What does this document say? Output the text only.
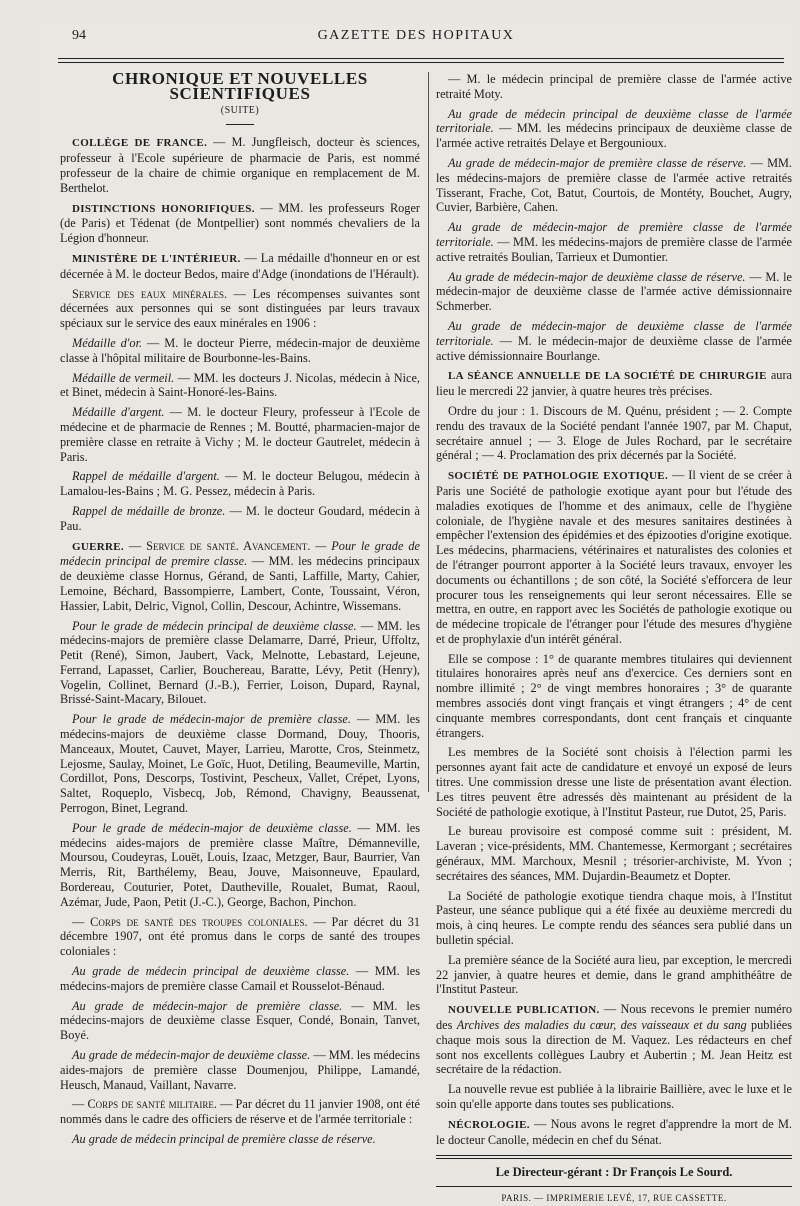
94	GAZETTE DES HOPITAUX
CHRONIQUE ET NOUVELLES SCIENTIFIQUES
(SUITE)

COLLÈGE DE FRANCE. — M. Jungfleisch, docteur ès sciences, professeur à l'Ecole supérieure de pharmacie de Paris, est nommé professeur de la chaire de chimie organique en remplacement de M. Berthelot.

DISTINCTIONS HONORIFIQUES. — MM. les professeurs Roger (de Paris) et Tédenat (de Montpellier) sont nommés chevaliers de la Légion d'honneur.

MINISTÈRE DE L'INTÉRIEUR. — La médaille d'honneur en or est décernée à M. le docteur Bedos, maire d'Adge (inondations de l'Hérault).

Service des eaux minérales. — Les récompenses suivantes sont décernées aux personnes qui se sont distinguées par leurs travaux spéciaux sur le service des eaux minérales en 1906 :

Médaille d'or. — M. le docteur Pierre, médecin-major de deuxième classe à l'hôpital militaire de Bourbonne-les-Bains.

Médaille de vermeil. — MM. les docteurs J. Nicolas, médecin à Nice, et Binet, médecin à Saint-Honoré-les-Bains.

Médaille d'argent. — M. le docteur Fleury, professeur à l'Ecole de médecine et de pharmacie de Rennes ; M. Boutté, pharmacien-major de première classe en retraite à Vichy ; M. le docteur Gautrelet, médecin à Paris.

Rappel de médaille d'argent. — M. le docteur Belugou, médecin à Lamalou-les-Bains ; M. G. Pessez, médecin à Paris.

Rappel de médaille de bronze. — M. le docteur Goudard, médecin à Pau.

GUERRE. — Service de santé. Avancement. — Pour le grade de médecin principal de premire classe. — MM. les médecins principaux de deuxième classe Hornus, Gérand, de Santi, Laffille, Marty, Cahier, Lemoine, Béchard, Bassompierre, Lambert, Conte, Toussaint, Véron, Hassier, Labit, Delric, Vignol, Collin, Descour, Achintre, Wissemans.

Pour le grade de médecin principal de deuxième classe. — MM. les médecins-majors de première classe Delamarre, Darré, Prieur, Uffoltz, Petit (René), Simon, Jaubert, Vack, Melnotte, Lebastard, Lejeune, Ferrand, Lapasset, Carlier, Bouchereau, Baratte, Lévy, Petit (Henry), Vogelin, Collinet, Bernard (J.-B.), Ferrier, Loison, Dupard, Raynal, Brissé-Saint-Macary, Bilouet.

Pour le grade de médecin-major de première classe. — MM. les médecins-majors de deuxième classe Dormand, Douy, Thooris, Manceaux, Moutet, Cauvet, Mayer, Larrieu, Marotte, Cros, Steinmetz, Lejosme, Saulay, Moinet, Le Goïc, Huot, Detiling, Beaumeville, Martin, Cordillot, Pons, Descorps, Tostivint, Pescheux, Vallet, Crépet, Lyons, Saltet, Roqueplo, Visbecq, Job, Rémond, Chavigny, Beaussenat, Perrogon, Binet, Legrand.

Pour le grade de médecin-major de deuxième classe. — MM. les médecins aides-majors de première classe Maître, Démanneville, Moursou, Coudeyras, Louët, Louis, Izaac, Metzger, Baur, Baurrier, Van Merris, Rit, Barthélemy, Beau, Jouve, Maisonneuve, Epaulard, Bordereau, Couturier, Potet, Dautheville, Roualet, Bumat, Raoul, Azémar, Jude, Paon, Petit (J.-C.), George, Bachon, Pinchon.

— Corps de santé des troupes coloniales. — Par décret du 31 décembre 1907, ont été promus dans le corps de santé des troupes coloniales :

Au grade de médecin principal de deuxième classe. — MM. les médecins-majors de première classe Camail et Rousselot-Bénaud.

Au grade de médecin-major de première classe. — MM. les médecins-majors de deuxième classe Esquer, Condé, Bonain, Tanvet, Boyé.

Au grade de médecin-major de deuxième classe. — MM. les médecins aides-majors de première classe Doumenjou, Philippe, Lamandé, Heusch, Manaud, Vaillant, Navarre.

— Corps de santé militaire. — Par décret du 11 janvier 1908, ont été nommés dans le cadre des officiers de réserve et de l'armée territoriale :

Au grade de médecin principal de première classe de réserve.

— M. le médecin principal de première classe de l'armée active retraité Moty.

Au grade de médecin principal de deuxième classe de l'armée territoriale. — MM. les médecins principaux de deuxième classe de l'armée active retraités Delaye et Bergounioux.

Au grade de médecin-major de première classe de réserve. — MM. les médecins-majors de première classe de l'armée active retraités Tisserant, Frache, Cot, Batut, Courtois, de Montéty, Bouchet, Augry, Cuvier, Barbière, Cahen.

Au grade de médecin-major de première classe de l'armée territoriale. — MM. les médecins-majors de première classe de l'armée active retraités Boulian, Tarrieux et Dumontier.

Au grade de médecin-major de deuxième classe de réserve. — M. le médecin-major de deuxième classe de l'armée active démissionnaire Schmerber.

Au grade de médecin-major de deuxième classe de l'armée territoriale. — M. le médecin-major de deuxième classe de l'armée active démissionnaire Bourlange.

LA SÉANCE ANNUELLE DE LA SOCIÉTÉ DE CHIRURGIE aura lieu le mercredi 22 janvier, à quatre heures très précises.

Ordre du jour : 1. Discours de M. Quénu, président ; — 2. Compte rendu des travaux de la Société pendant l'année 1907, par M. Chaput, secrétaire annuel ; — 3. Eloge de Jules Rochard, par le secrétaire général ; — 4. Proclamation des prix décernés par la Société.

SOCIÉTÉ DE PATHOLOGIE EXOTIQUE. — Il vient de se créer à Paris une Société de pathologie exotique ayant pour but l'étude des maladies exotiques de l'homme et des animaux, celle de l'hygiène coloniale, de l'hygiène navale et des mesures sanitaires destinées à empêcher l'extension des épidémies et des épizooties d'origine exotique. Les médecins, pharmaciens, vétérinaires et naturalistes des colonies et de l'étranger pourront apporter à la Société leurs travaux, envoyer les documents ou échantillons ; de son côté, la Société s'efforcera de leur procurer tous les renseignements qui leur seront nécessaires. Elle se mettra, en outre, en rapport avec les Sociétés de pathologie exotique ou de médecine tropicale de l'étranger pour l'étude des mesures d'hygiène et de prophylaxie d'un intérêt général.

Elle se compose : 1° de quarante membres titulaires qui deviennent titulaires honoraires après neuf ans d'exercice. Ces derniers sont en nombre illimité ; 2° de vingt membres honoraires ; 3° de quarante membres associés dont vingt français et vingt étrangers ; 4° de cent cinquante membres correspondants, dont cent français et cinquante étrangers.

Les membres de la Société sont choisis à l'élection parmi les personnes ayant fait acte de candidature et envoyé un exposé de leurs titres. Une commission dresse une liste de présentation avant élection. Les titres peuvent être adressés dès maintenant au président de la Société de pathologie exotique, à l'Institut Pasteur, rue Dutot, 25, Paris.

Le bureau provisoire est composé comme suit : président, M. Laveran ; vice-présidents, MM. Chantemesse, Kermorgant ; secrétaires généraux, MM. Marchoux, Mesnil ; trésorier-archiviste, M. Yvon ; secrétaires des séances, MM. Dujardin-Beaumetz et Dopter.

La Société de pathologie exotique tiendra chaque mois, à l'Institut Pasteur, une séance publique qui a été fixée au deuxième mercredi du mois, à cinq heures. Le compte rendu des séances sera publié dans un bulletin spécial.

La première séance de la Société aura lieu, par exception, le mercredi 22 janvier, à quatre heures et demie, dans le grand amphithéâtre de l'Institut Pasteur.

NOUVELLE PUBLICATION. — Nous recevons le premier numéro des Archives des maladies du cœur, des vaisseaux et du sang publiées chaque mois sous la direction de M. Vaquez. Les rédacteurs en chef sont nos excellents collègues Laubry et Aubertin ; M. Jean Heitz est secrétaire de la rédaction.

La nouvelle revue est publiée à la librairie Baillière, avec le luxe et le soin qu'elle apporte dans toutes ses publications.

NÉCROLOGIE. — Nous avons le regret d'apprendre la mort de M. le docteur Canolle, médecin en chef du Sénat.

Le Directeur-gérant : Dr François Le Sourd.
PARIS. — IMPRIMERIE LEVÉ, 17, RUE CASSETTE.
